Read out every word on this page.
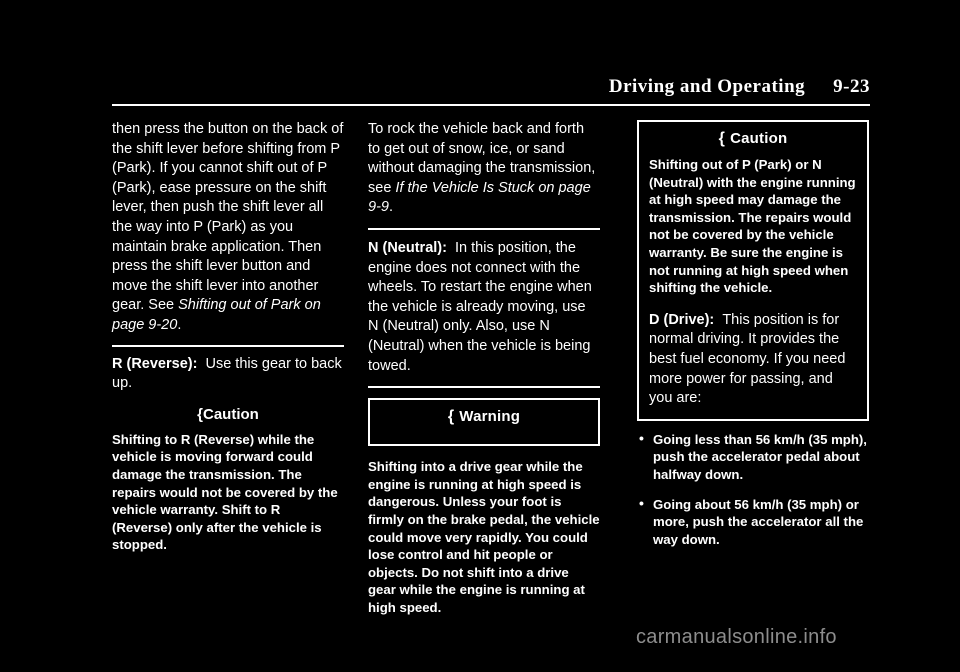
Driving and Operating 9-23

then press the button on the back of the shift lever before shifting from P (Park). If you cannot shift out of P (Park), ease pressure on the shift lever, then push the shift lever all the way into P (Park) as you maintain brake application. Then press the shift lever button and move the shift lever into another gear. See Shifting out of Park on page 9-20.

R (Reverse): Use this gear to back up.

{Caution
Shifting to R (Reverse) while the vehicle is moving forward could damage the transmission. The repairs would not be covered by the vehicle warranty. Shift to R (Reverse) only after the vehicle is stopped.

To rock the vehicle back and forth to get out of snow, ice, or sand without damaging the transmission, see If the Vehicle Is Stuck on page 9-9.

N (Neutral): In this position, the engine does not connect with the wheels. To restart the engine when the vehicle is already moving, use N (Neutral) only. Also, use N (Neutral) when the vehicle is being towed.

{ Warning
Shifting into a drive gear while the engine is running at high speed is dangerous. Unless your foot is firmly on the brake pedal, the vehicle could move very rapidly. You could lose control and hit people or objects. Do not shift into a drive gear while the engine is running at high speed.
{ Caution
Shifting out of P (Park) or N (Neutral) with the engine running at high speed may damage the transmission. The repairs would not be covered by the vehicle warranty. Be sure the engine is not running at high speed when shifting the vehicle.

D (Drive): This position is for normal driving. It provides the best fuel economy. If you need more power for passing, and you are:

• Going less than 56 km/h (35 mph), push the accelerator pedal about halfway down.
• Going about 56 km/h (35 mph) or more, push the accelerator all the way down.
carmanualsonline.info
